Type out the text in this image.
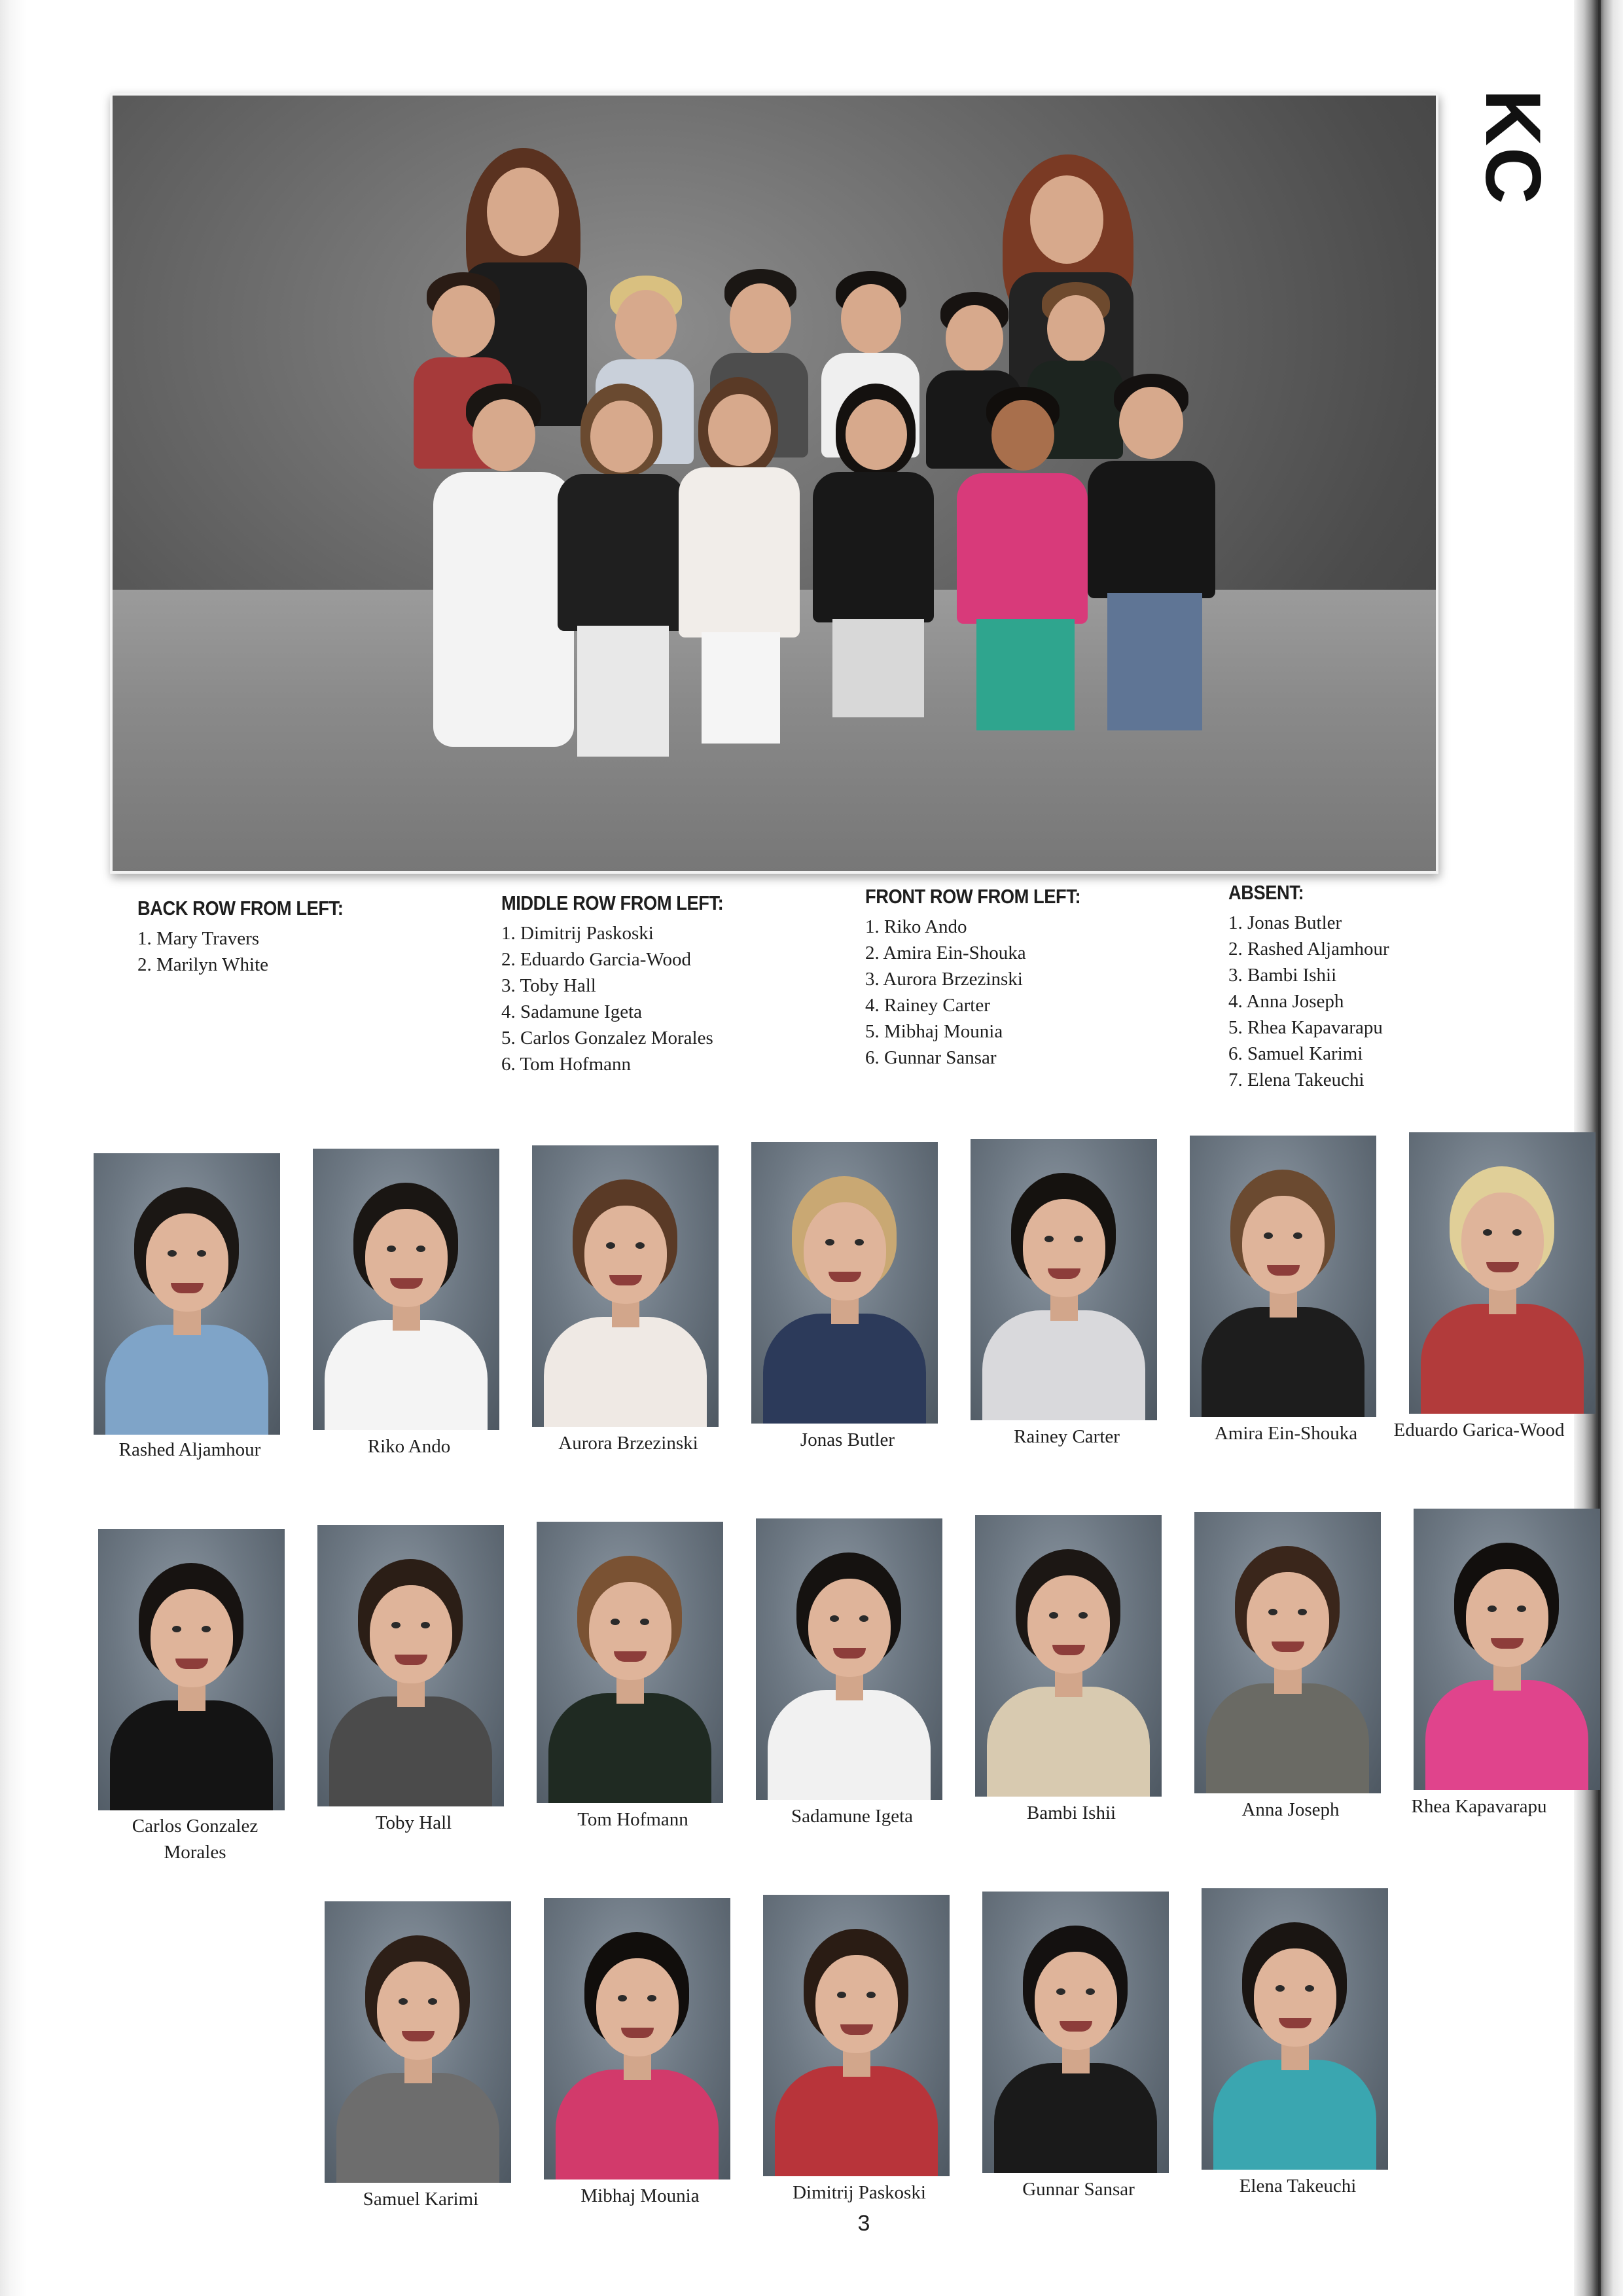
KC
BACK ROW FROM LEFT:
1. Mary Travers
2. Marilyn White
MIDDLE ROW FROM LEFT:
1. Dimitrij Paskoski
2. Eduardo Garcia-Wood
3. Toby Hall
4. Sadamune Igeta
5. Carlos Gonzalez Morales
6. Tom Hofmann
FRONT ROW FROM LEFT:
1. Riko Ando
2. Amira Ein-Shouka
3. Aurora Brzezinski
4. Rainey Carter
5. Mibhaj Mounia
6. Gunnar Sansar
ABSENT:
1. Jonas Butler
2. Rashed Aljamhour
3. Bambi Ishii
4. Anna Joseph
5. Rhea Kapavarapu
6. Samuel Karimi
7. Elena Takeuchi
Rashed Aljamhour	Riko Ando	Aurora Brzezinski	Jonas Butler	Rainey Carter	Amira Ein-Shouka	Eduardo Garica-Wood
Carlos Gonzalez Morales
Toby Hall	Tom Hofmann	Sadamune Igeta	Bambi Ishii	Anna Joseph	Rhea Kapavarapu
Samuel Karimi	Mibhaj Mounia	Dimitrij Paskoski	Gunnar Sansar	Elena Takeuchi
3
